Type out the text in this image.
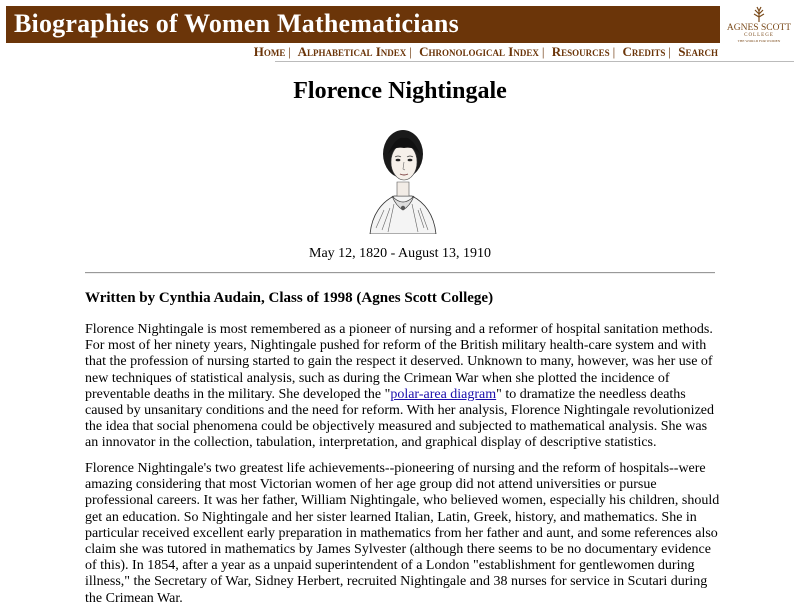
Biographies of Women Mathematicians	AGNES SCOTT
COLLEGE
THE WORLD FOR WOMEN
Home | Alphabetical Index | Chronological Index | Resources | Credits | Search
Florence Nightingale
May 12, 1820 - August 13, 1910
Written by Cynthia Audain, Class of 1998 (Agnes Scott College)

Florence Nightingale is most remembered as a pioneer of nursing and a reformer of hospital sanitation methods. For most of her ninety years, Nightingale pushed for reform of the British military health-care system and with that the profession of nursing started to gain the respect it deserved. Unknown to many, however, was her use of new techniques of statistical analysis, such as during the Crimean War when she plotted the incidence of preventable deaths in the military. She developed the "polar-area diagram" to dramatize the needless deaths caused by unsanitary conditions and the need for reform. With her analysis, Florence Nightingale revolutionized the idea that social phenomena could be objectively measured and subjected to mathematical analysis. She was an innovator in the collection, tabulation, interpretation, and graphical display of descriptive statistics.

Florence Nightingale's two greatest life achievements--pioneering of nursing and the reform of hospitals--were amazing considering that most Victorian women of her age group did not attend universities or pursue professional careers. It was her father, William Nightingale, who believed women, especially his children, should get an education. So Nightingale and her sister learned Italian, Latin, Greek, history, and mathematics. She in particular received excellent early preparation in mathematics from her father and aunt, and some references also claim she was tutored in mathematics by James Sylvester (although there seems to be no documentary evidence of this). In 1854, after a year as a unpaid superintendent of a London "establishment for gentlewomen during illness," the Secretary of War, Sidney Herbert, recruited Nightingale and 38 nurses for service in Scutari during the Crimean War.
